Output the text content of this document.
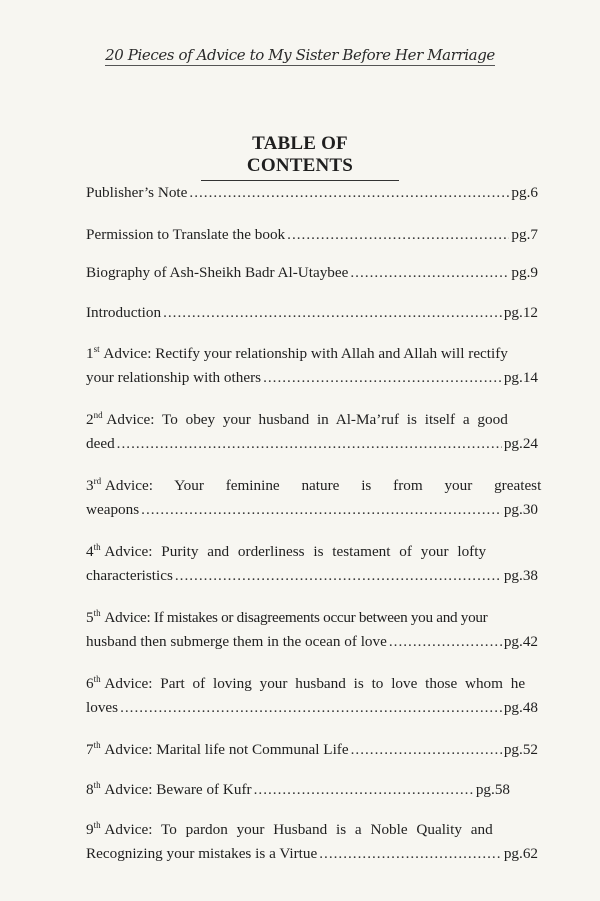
20 Pieces of Advice to My Sister Before Her Marriage
TABLE OF CONTENTS
Publisher’s Note .....	pg.6
Permission to Translate the book .....	pg.7
Biography of Ash-Sheikh Badr Al-Utaybee .....	pg.9
Introduction .....	pg.12
1st Advice: Rectify your relationship with Allah and Allah will rectify
your relationship with others .....	pg.14
2nd Advice: To obey your husband in Al-Ma’ruf is itself a good
deed .....	pg.24
3rd Advice: Your feminine nature is from your greatest
weapons .....	pg.30
4th Advice: Purity and orderliness is testament of your lofty
characteristics .....	pg.38
5th Advice: If mistakes or disagreements occur between you and your
husband then submerge them in the ocean of love .....	pg.42
6th Advice: Part of loving your husband is to love those whom he
loves .....	pg.48
7th Advice: Marital life not Communal Life .....	pg.52
8th Advice: Beware of Kufr .....	pg.58
9th Advice: To pardon your Husband is a Noble Quality and
Recognizing your mistakes is a Virtue .....	pg.62
